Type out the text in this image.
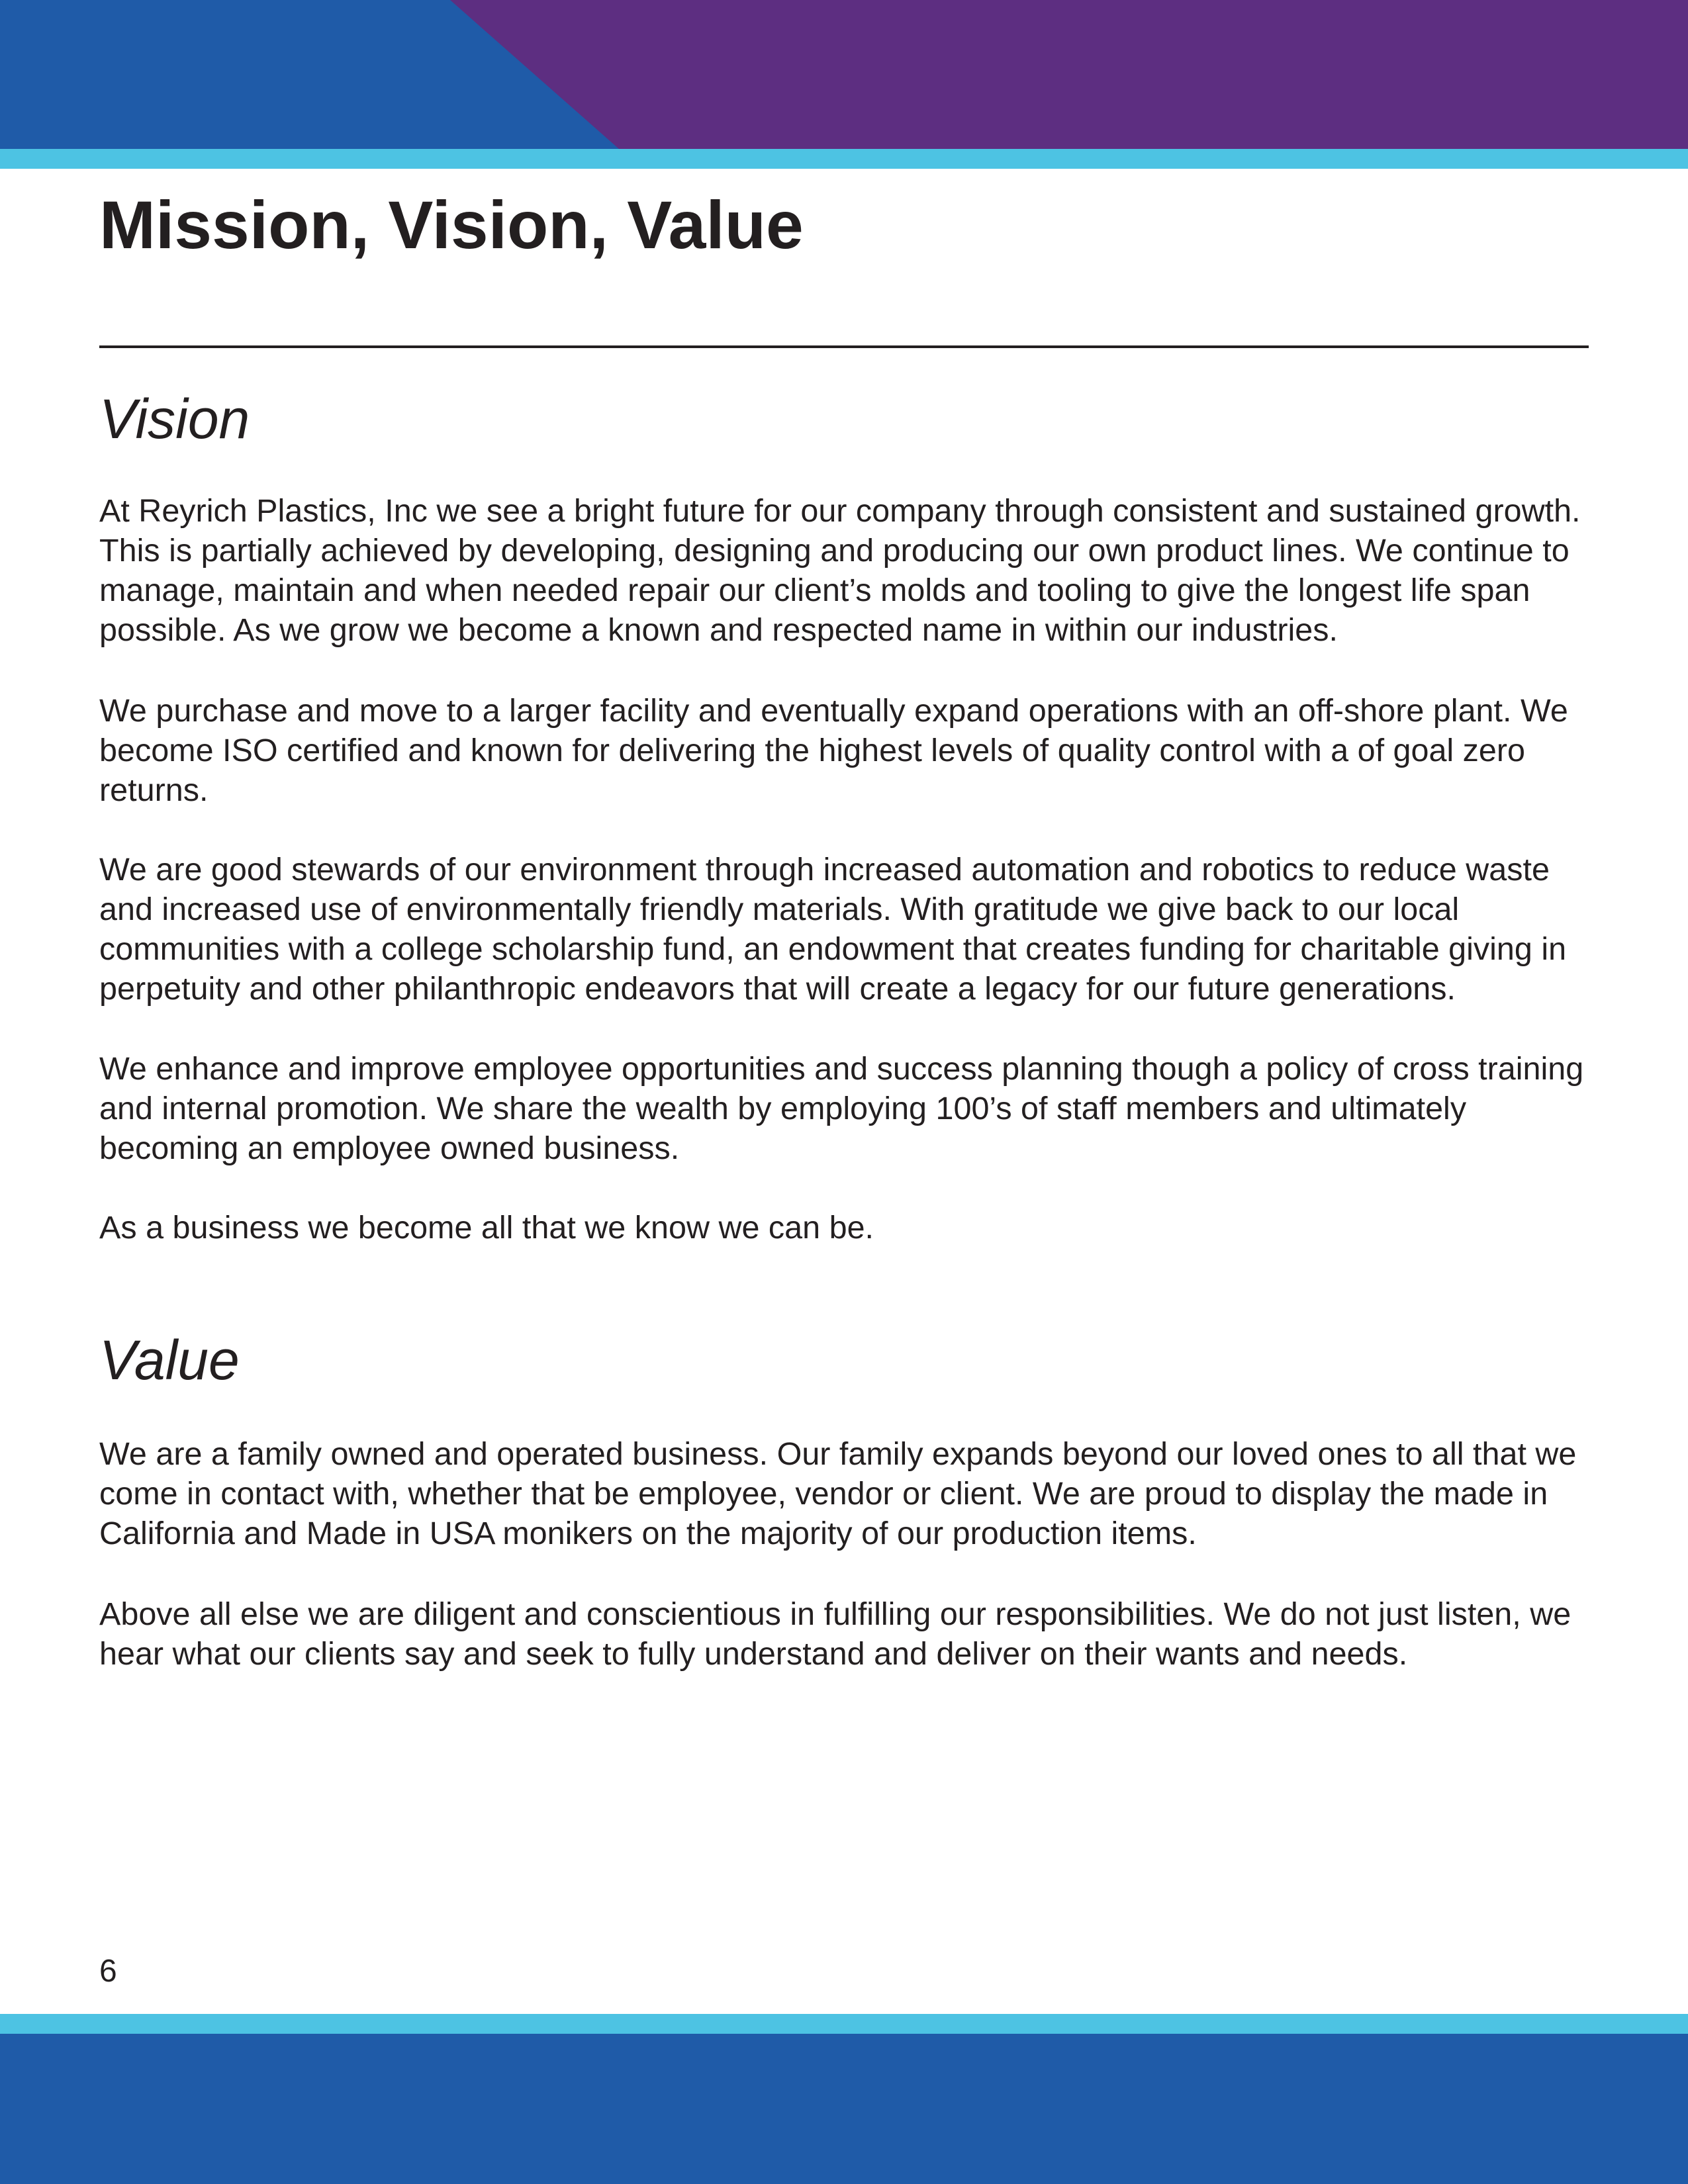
Mission, Vision, Value
Vision

At Reyrich Plastics, Inc we see a bright future for our company through consistent and sustained growth. This is partially achieved by developing, designing and producing our own product lines. We continue to manage, maintain and when needed repair our client’s molds and tooling to give the longest life span possible. As we grow we become a known and respected name in within our industries.

We purchase and move to a larger facility and eventually expand operations with an off-shore plant. We become ISO certified and known for delivering the highest levels of quality control with a of goal zero returns.

We are good stewards of our environment through increased automation and robotics to reduce waste and increased use of environmentally friendly materials. With gratitude we give back to our local communities with a college scholarship fund, an endowment that creates funding for charitable giving in perpetuity and other philanthropic endeavors that will create a legacy for our future generations.

We enhance and improve employee opportunities and success planning though a policy of cross training and internal promotion. We share the wealth by employing 100’s of staff members and ultimately becoming an employee owned business.

As a business we become all that we know we can be.

Value

We are a family owned and operated business. Our family expands beyond our loved ones to all that we come in contact with, whether that be employee, vendor or client. We are proud to display the made in California and Made in USA monikers on the majority of our production items.

Above all else we are diligent and conscientious in fulfilling our responsibilities. We do not just listen, we hear what our clients say and seek to fully understand and deliver on their wants and needs.

6
